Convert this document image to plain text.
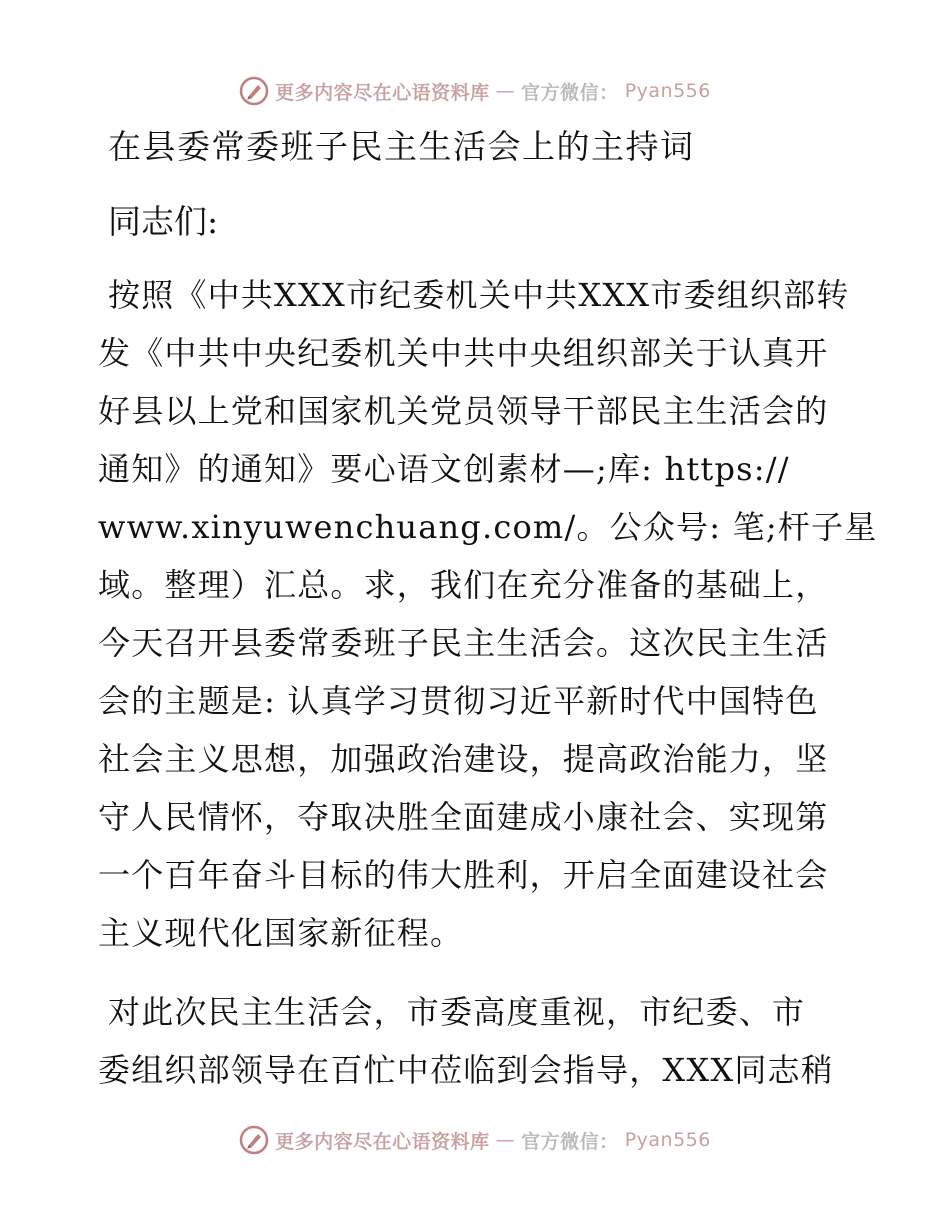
更多内容尽在心语资料库 — 官方微信： Pyan556
在县委常委班子民主生活会上的主持词
同志们:
按照《中共XXX市纪委机关中共XXX市委组织部转
发《中共中央纪委机关中共中央组织部关于认真开
好县以上党和国家机关党员领导干部民主生活会的
通知》的通知》要心语文创素材—;库: https://
www.xinyuwenchuang.com/。公众号: 笔;杆子星
域。整理）汇总。求，我们在充分准备的基础上，
今天召开县委常委班子民主生活会。这次民主生活
会的主题是: 认真学习贯彻习近平新时代中国特色
社会主义思想，加强政治建设，提高政治能力，坚
守人民情怀，夺取决胜全面建成小康社会、实现第
一个百年奋斗目标的伟大胜利，开启全面建设社会
主义现代化国家新征程。
对此次民主生活会，市委高度重视，市纪委、市
委组织部领导在百忙中莅临到会指导，XXX同志稍
更多内容尽在心语资料库 — 官方微信： Pyan556
